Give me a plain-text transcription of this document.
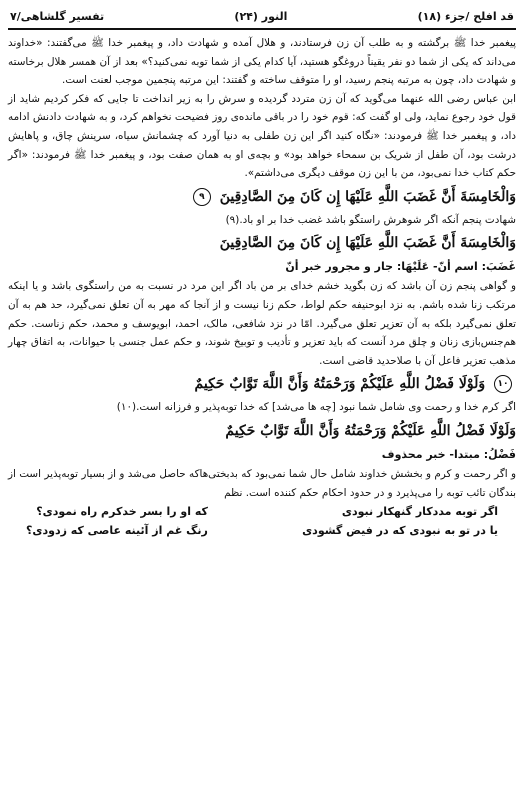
قد افلح /جزء (۱۸)
النور (۲۴)
تفسیر گلشاهی/۷

پیغمبر خدا ﷺ برگشته و به طلب آن زن فرستادند، و هلال آمده و شهادت داد، و پیغمبر خدا ﷺ می‌گفتند: «خداوند می‌داند که یکی از شما دو نفر یقیناً دروغگو هستید، آیا کدام یکی از شما توبه نمی‌کنید؟» بعد از آن همسر هلال برخاسته و شهادت داد، چون به مرتبه پنجم رسید، او را متوقف ساخته و گفتند: این مرتبه پنجمین موجب لعنت است.

ابن عباس رضی الله عنهما می‌گوید که آن زن متردد گردیده و سرش را به زیر انداخت تا جایی که فکر کردیم شاید از قول خود رجوع نماید، ولی او گفت که: قوم خود را در باقی مانده‌ی روز فضیحت نخواهم کرد، و به شهادت دادنش ادامه داد، و پیغمبر خدا ﷺ فرمودند: «نگاه کنید اگر این زن طفلی به دنیا آورد که چشمانش سیاه، سرینش چاق، و پاهایش درشت بود، آن طفل از شریک بن سمحاء خواهد بود» و بچه‌ی او به همان صفت بود، و پیغمبر خدا ﷺ فرمودند: «اگر حکم کتاب خدا نمی‌بود، من با این زن موقف دیگری می‌داشتم».

وَالْخَامِسَةَ أَنَّ غَضَبَ اللَّهِ عَلَيْهَا إِن كَانَ مِنَ الصَّادِقِينَ ۹

شهادت پنجم آنکه اگر شوهرش راستگو باشد غضب خدا بر او باد.(۹)

وَالْخَامِسَةَ أَنَّ غَضَبَ اللَّهِ عَلَيْهَا إِن كَانَ مِنَ الصَّادِقِينَ
غَضَبَ: اسم أنّ- عَلَيْهَا: جار و مجرور خبر أنّ

و گواهی پنجم زن آن باشد که زن بگوید خشم خدای بر من باد اگر این مرد در نسبت به من راستگوی باشد و یا اینکه مرتکب زنا شده باشم. به نزد ابوحنیفه حکم لواط، حکم زنا نیست و از آنجا که مهر به آن تعلق نمی‌گیرد، حد هم به آن تعلق نمی‌گیرد بلکه به آن تعزیر تعلق می‌گیرد. امّا در نزد شافعی، مالک، احمد، ابویوسف و محمد، حکم زناست. حکم هم‌جنس‌بازی زنان و چلق مرد آنست که باید تعزیر و تأدیب و توبیخ شوند، و حکم عمل جنسی با حیوانات، به اتفاق چهار مذهب تعزیر فاعل آن با صلاحدید قاضی است.

۱۰ وَلَوْلَا فَضْلُ اللَّهِ عَلَيْكُمْ وَرَحْمَتُهُ وَأَنَّ اللَّهَ تَوَّابٌ حَكِيمٌ

اگر کرم خدا و رحمت وی شامل شما نبود [چه ها می‌شد] که خدا توبه‌پذیر و فرزانه است.(۱۰)

وَلَوْلَا فَضْلُ اللَّهِ عَلَيْكُمْ وَرَحْمَتُهُ وَأَنَّ اللَّهَ تَوَّابٌ حَكِيمٌ
فَضْلُ: مبتدا- خبر محذوف

و اگر رحمت و کرم و بخشش خداوند شامل حال شما نمی‌بود که بدبختی‌هاکه حاصل می‌شد و از بسیار توبه‌پذیر است از بندگان تائب توبه را می‌پذیرد و در حدود احکام حکم کننده است. نظم

اگر توبه مددکار گنهکار نبودی
یا در تو به نبودی که در فیض گشودی
که او را بسر خدکرم راه نمودی؟
رنگ غم از آئینه عاصی که زدودی؟
